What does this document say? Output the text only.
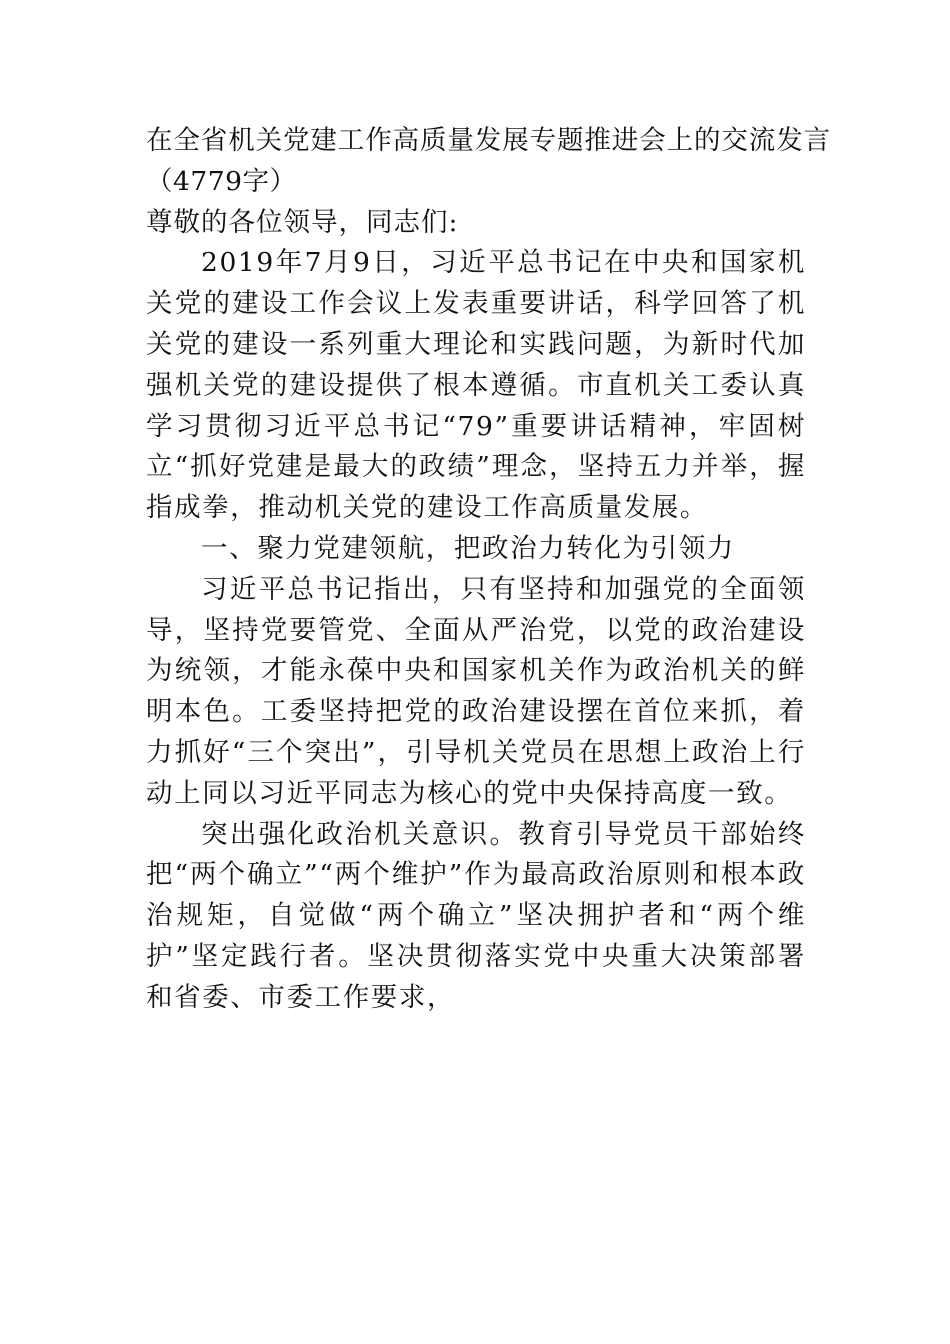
在全省机关党建工作高质量发展专题推进会上的交流发言

（4779字）

尊敬的各位领导，同志们:

2019年7月9日，习近平总书记在中央和国家机关党的建设工作会议上发表重要讲话，科学回答了机关党的建设一系列重大理论和实践问题，为新时代加强机关党的建设提供了根本遵循。市直机关工委认真学习贯彻习近平总书记“79”重要讲话精神，牢固树立“抓好党建是最大的政绩”理念，坚持五力并举，握指成拳，推动机关党的建设工作高质量发展。

一、聚力党建领航，把政治力转化为引领力

习近平总书记指出，只有坚持和加强党的全面领导，坚持党要管党、全面从严治党，以党的政治建设为统领，才能永葆中央和国家机关作为政治机关的鲜明本色。工委坚持把党的政治建设摆在首位来抓，着力抓好“三个突出”，引导机关党员在思想上政治上行动上同以习近平同志为核心的党中央保持高度一致。

突出强化政治机关意识。教育引导党员干部始终把“两个确立”“两个维护”作为最高政治原则和根本政治规矩，自觉做“两个确立”坚决拥护者和“两个维护”坚定践行者。坚决贯彻落实党中央重大决策部署和省委、市委工作要求，
